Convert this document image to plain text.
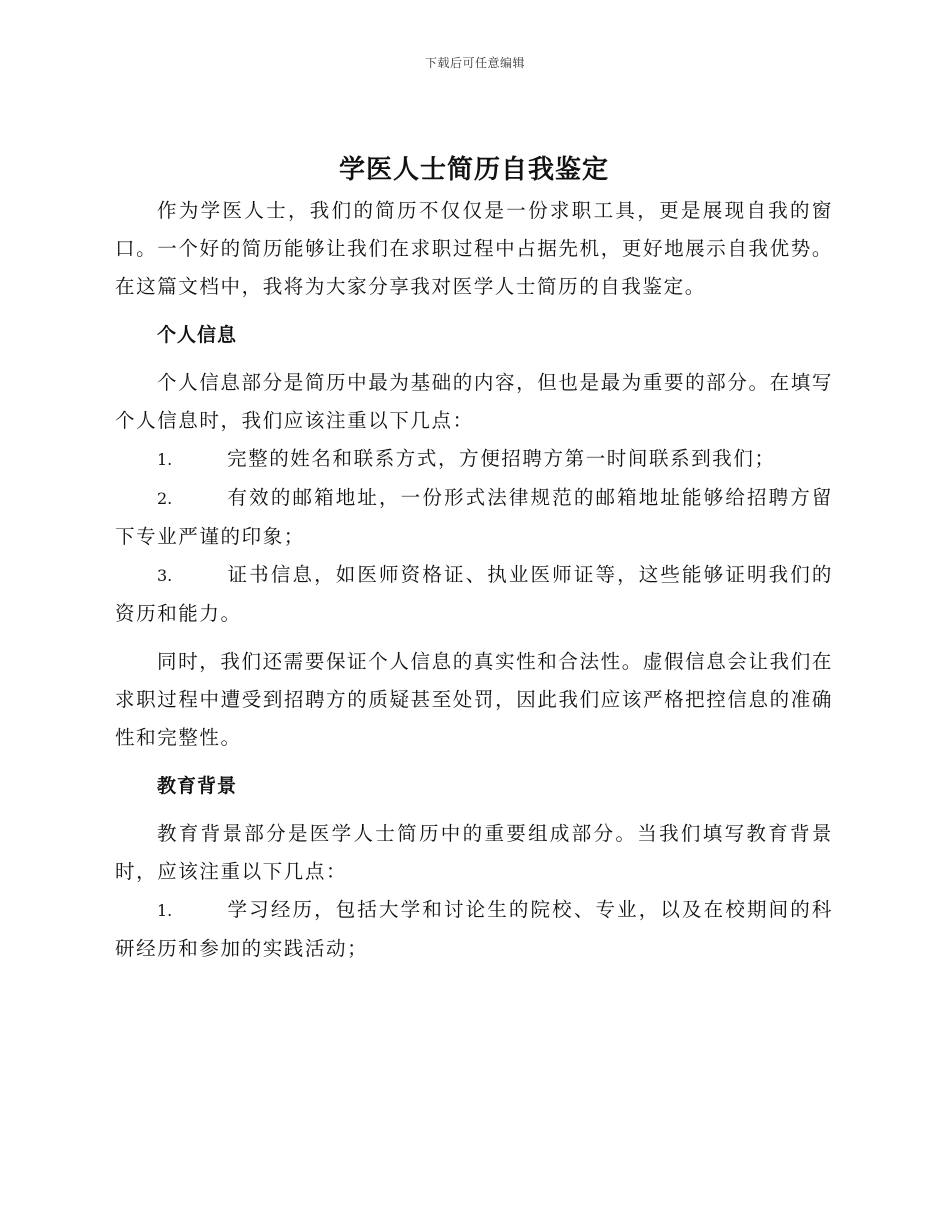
下载后可任意编辑
学医人士简历自我鉴定

作为学医人士，我们的简历不仅仅是一份求职工具，更是展现自我的窗口。一个好的简历能够让我们在求职过程中占据先机，更好地展示自我优势。在这篇文档中，我将为大家分享我对医学人士简历的自我鉴定。

个人信息

个人信息部分是简历中最为基础的内容，但也是最为重要的部分。在填写个人信息时，我们应该注重以下几点：

1.	完整的姓名和联系方式，方便招聘方第一时间联系到我们；

2.	有效的邮箱地址，一份形式法律规范的邮箱地址能够给招聘方留下专业严谨的印象；

3.	证书信息，如医师资格证、执业医师证等，这些能够证明我们的资历和能力。

同时，我们还需要保证个人信息的真实性和合法性。虚假信息会让我们在求职过程中遭受到招聘方的质疑甚至处罚，因此我们应该严格把控信息的准确性和完整性。

教育背景

教育背景部分是医学人士简历中的重要组成部分。当我们填写教育背景时，应该注重以下几点：

1.	学习经历，包括大学和讨论生的院校、专业，以及在校期间的科研经历和参加的实践活动；
